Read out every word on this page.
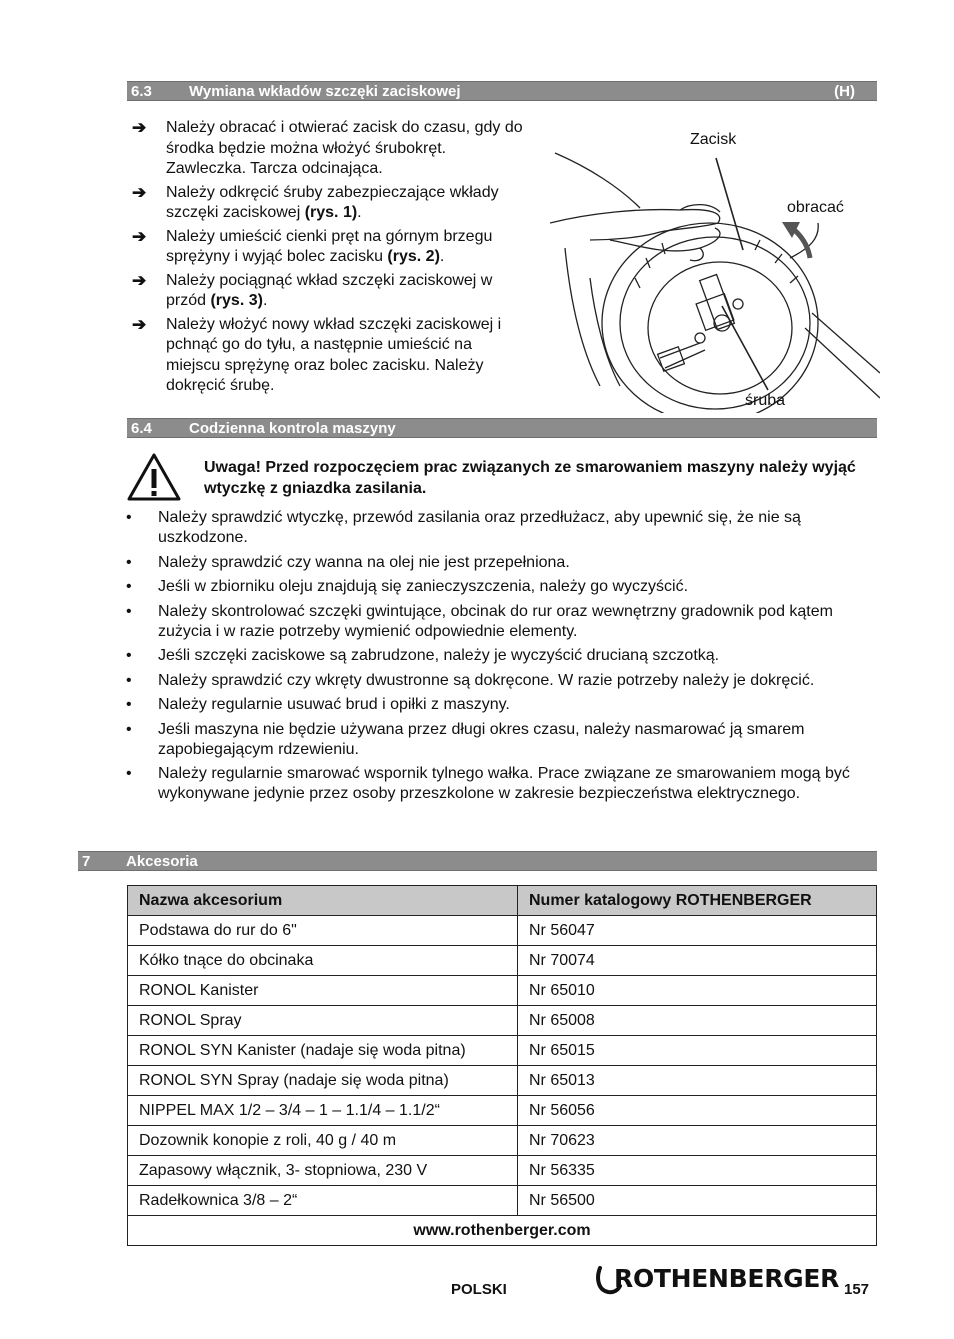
6.3 Wymiana wkładów szczęki zaciskowej	(H)
➔ Należy obracać i otwierać zacisk do czasu, gdy do środka będzie można włożyć śrubokręt. Zawleczka. Tarcza odcinająca.
➔ Należy odkręcić śruby zabezpieczające wkłady szczęki zaciskowej (rys. 1).
➔ Należy umieścić cienki pręt na górnym brzegu sprężyny i wyjąć bolec zacisku (rys. 2).
➔ Należy pociągnąć wkład szczęki zaciskowej w przód (rys. 3).
➔ Należy włożyć nowy wkład szczęki zaciskowej i pchnąć go do tyłu, a następnie umieścić na miejscu sprężynę oraz bolec zacisku. Należy dokręcić śrubę.
Zacisk
obracać
śruba
6.4 Codzienna kontrola maszyny
Uwaga! Przed rozpoczęciem prac związanych ze smarowaniem maszyny należy wyjąć wtyczkę z gniazdka zasilania.
• Należy sprawdzić wtyczkę, przewód zasilania oraz przedłużacz, aby upewnić się, że nie są uszkodzone.
• Należy sprawdzić czy wanna na olej nie jest przepełniona.
• Jeśli w zbiorniku oleju znajdują się zanieczyszczenia, należy go wyczyścić.
• Należy skontrolować szczęki gwintujące, obcinak do rur oraz wewnętrzny gradownik pod kątem zużycia i w razie potrzeby wymienić odpowiednie elementy.
• Jeśli szczęki zaciskowe są zabrudzone, należy je wyczyścić drucianą szczotką.
• Należy sprawdzić czy wkręty dwustronne są dokręcone. W razie potrzeby należy je dokręcić.
• Należy regularnie usuwać brud i opiłki z maszyny.
• Jeśli maszyna nie będzie używana przez długi okres czasu, należy nasmarować ją smarem zapobiegającym rdzewieniu.
• Należy regularnie smarować wspornik tylnego wałka. Prace związane ze smarowaniem mogą być wykonywane jedynie przez osoby przeszkolone w zakresie bezpieczeństwa elektrycznego.
7 Akcesoria
Nazwa akcesorium	Numer katalogowy ROTHENBERGER
Podstawa do rur do 6"	Nr 56047
Kółko tnące do obcinaka	Nr 70074
RONOL Kanister	Nr 65010
RONOL Spray	Nr 65008
RONOL SYN Kanister (nadaje się woda pitna)	Nr 65015
RONOL SYN Spray (nadaje się woda pitna)	Nr 65013
NIPPEL MAX 1/2 – 3/4 – 1 – 1.1/4 – 1.1/2“	Nr 56056
Dozownik konopie z roli, 40 g / 40 m	Nr 70623
Zapasowy włącznik, 3- stopniowa, 230 V	Nr 56335
Radełkownica 3/8 – 2“	Nr 56500
www.rothenberger.com	
POLSKI	ROTHENBERGER 157
